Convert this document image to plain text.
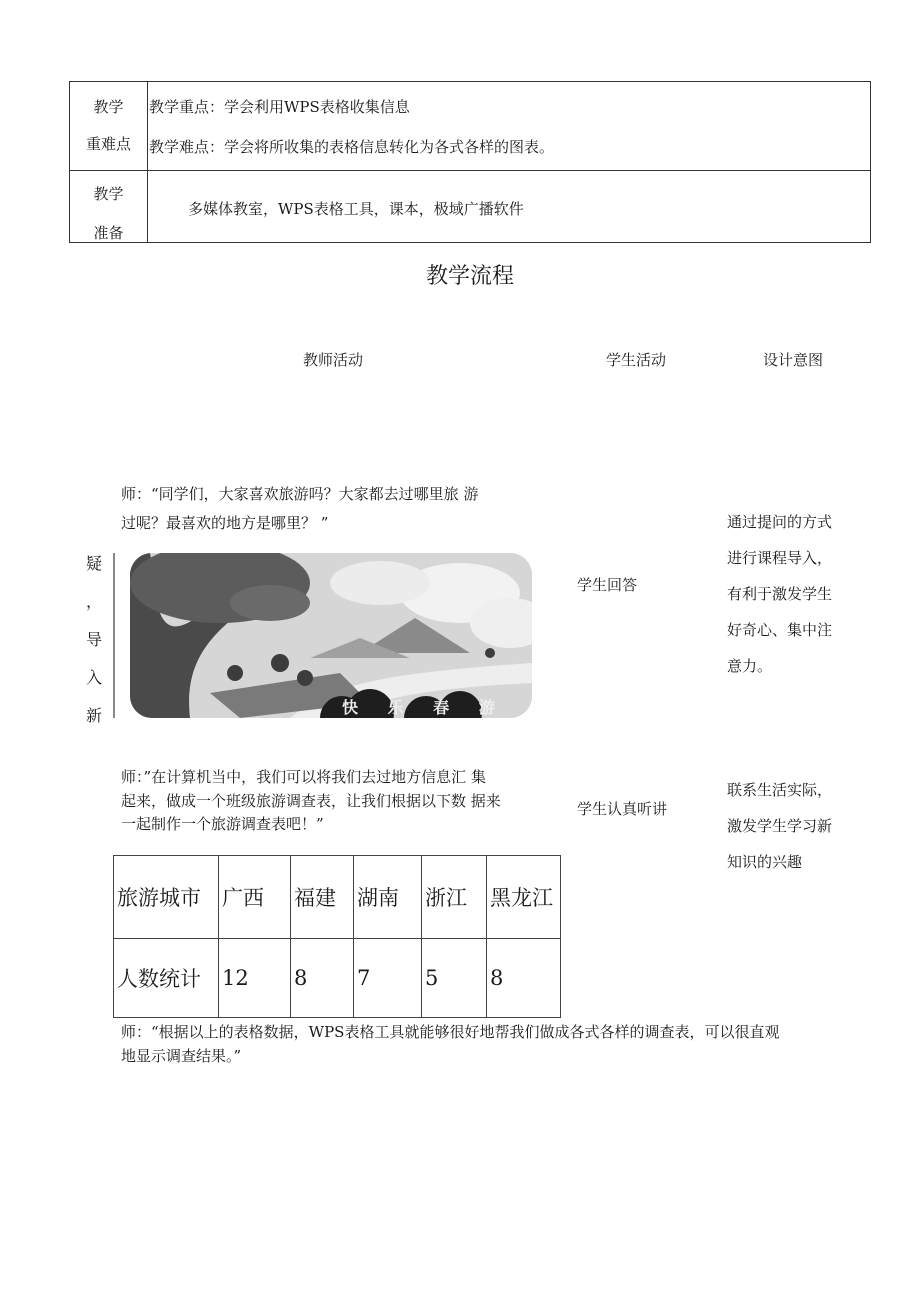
教学
重难点
教学重点：学会利用WPS表格收集信息
教学难点：学会将所收集的表格信息转化为各式各样的图表。
教学
准备
多媒体教室，WPS表格工具，课本，极域广播软件
教学流程
教师活动	学生活动	设计意图
师：“同学们，大家喜欢旅游吗？大家都去过哪里旅 游
过呢？最喜欢的地方是哪里？ ”
疑
，
导
入
新	快 乐 春 游
学生回答
通过提问的方式
进行课程导入，
有利于激发学生
好奇心、集中注
意力。
师：”在计算机当中，我们可以将我们去过地方信息汇 集
起来，做成一个班级旅游调查表，让我们根据以下数 据来
一起制作一个旅游调查表吧！”
学生认真听讲
联系生活实际，
激发学生学习新
知识的兴趣
旅游城市	广西	福建	湖南	浙江	黑龙江
人数统计	12	8	7	5	8
师：“根据以上的表格数据，WPS表格工具就能够很好地帮我们做成各式各样的调查表，可以很直观
地显示调查结果。”
